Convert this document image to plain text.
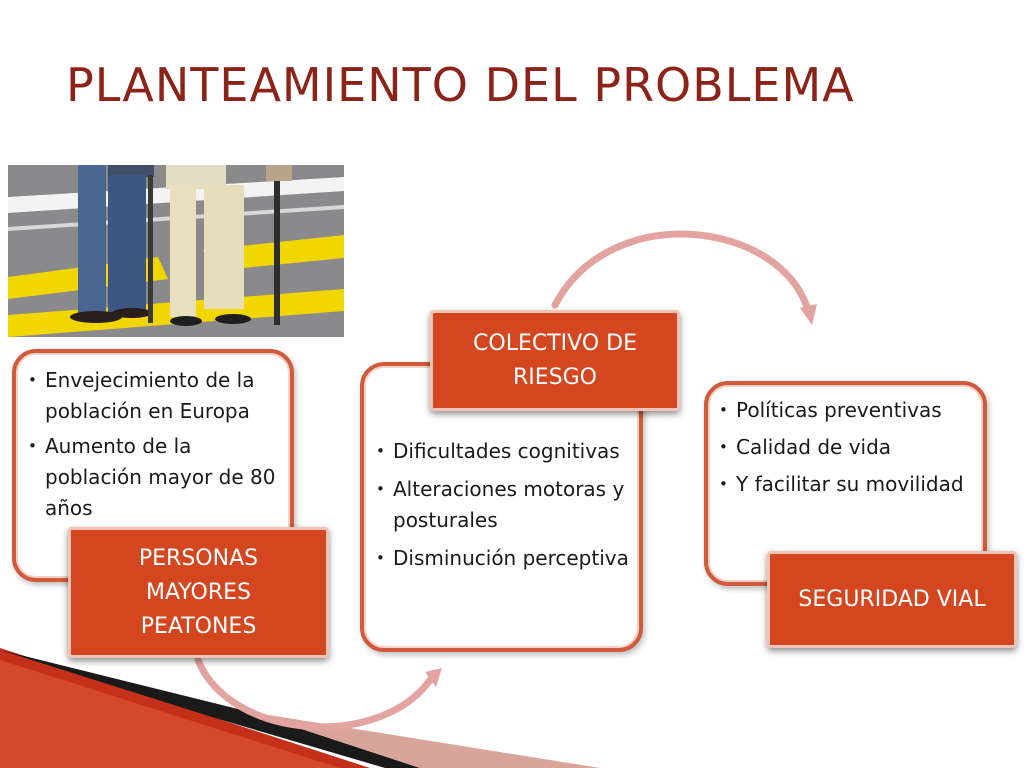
PLANTEAMIENTO DEL PROBLEMA
• Envejecimiento de la población en Europa
• Aumento de la población mayor de 80 años
• Dificultades cognitivas
• Alteraciones motoras y posturales
• Disminución perceptiva
• Políticas preventivas
• Calidad de vida
• Y facilitar su movilidad
PERSONAS
MAYORES
PEATONES
COLECTIVO DE
RIESGO
SEGURIDAD VIAL
